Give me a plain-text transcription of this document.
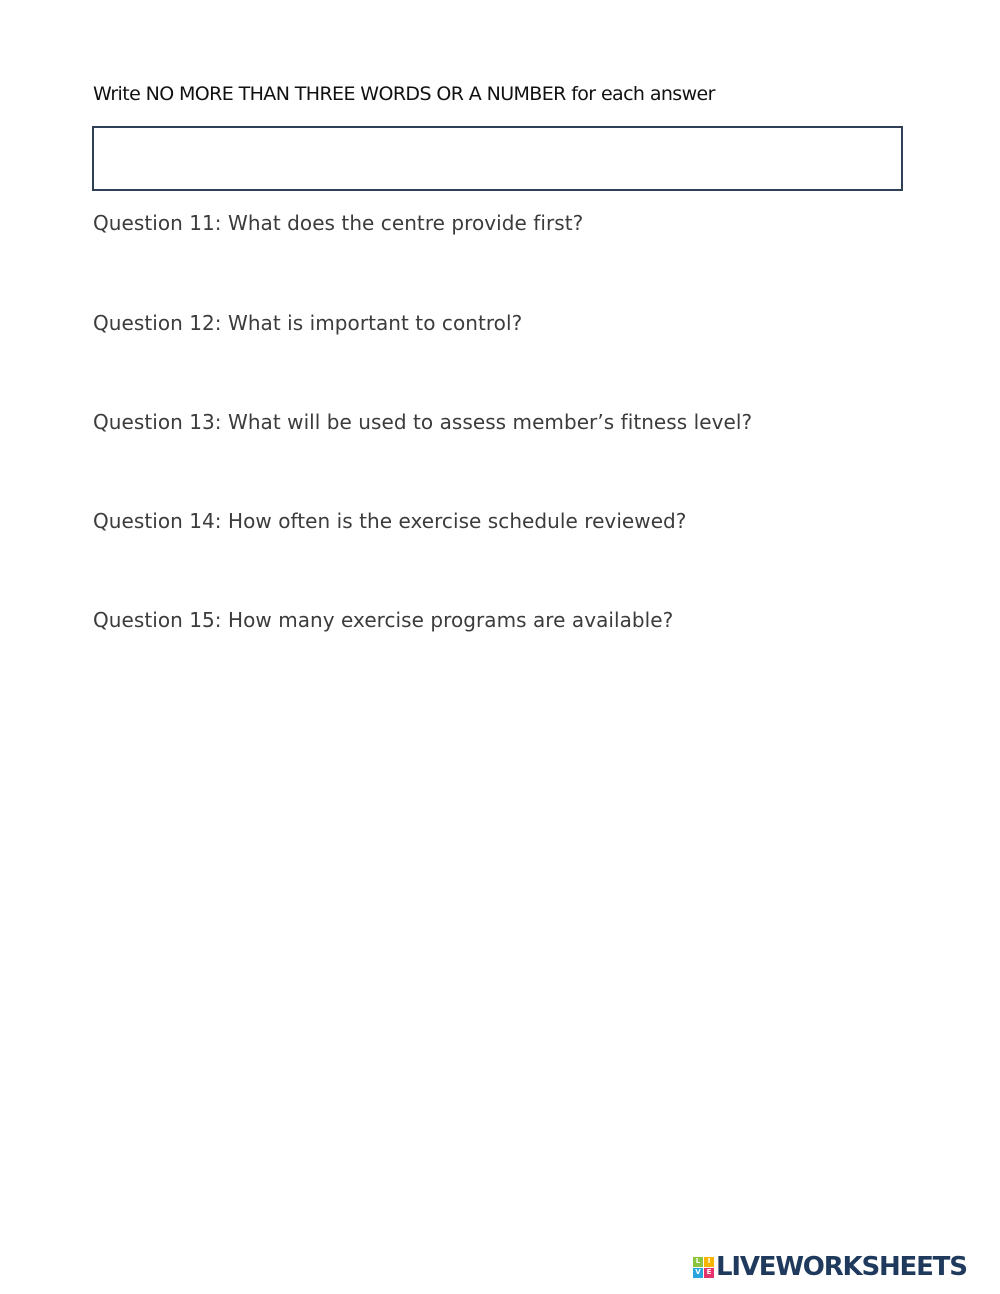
Write NO MORE THAN THREE WORDS OR A NUMBER for each answer
Question 11: What does the centre provide first?
Question 12: What is important to control?
Question 13: What will be used to assess member’s fitness level?
Question 14: How often is the exercise schedule reviewed?
Question 15: How many exercise programs are available?
L	I
V E LIVEWORKSHEETS
